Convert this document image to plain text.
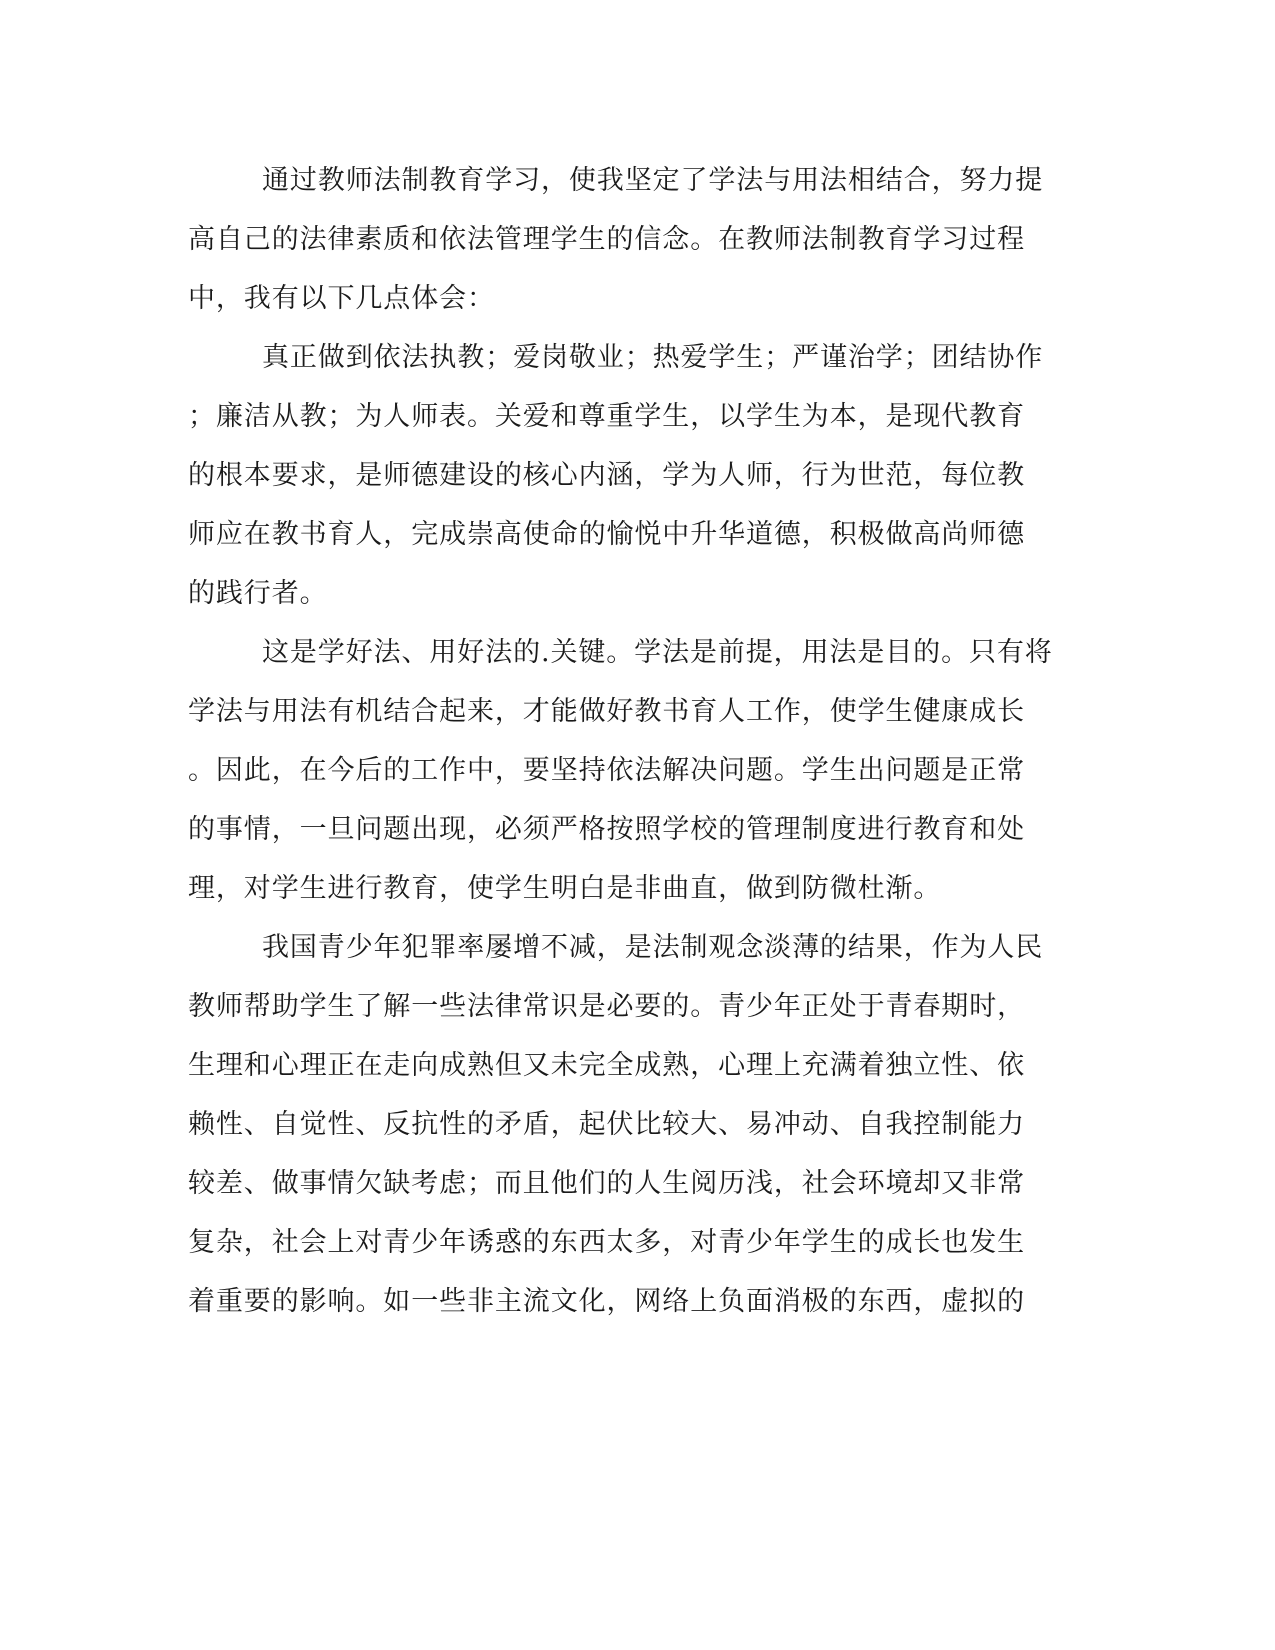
通过教师法制教育学习，使我坚定了学法与用法相结合，努力提

高自己的法律素质和依法管理学生的信念。在教师法制教育学习过程

中，我有以下几点体会：

真正做到依法执教；爱岗敬业；热爱学生；严谨治学；团结协作

；廉洁从教；为人师表。关爱和尊重学生，以学生为本，是现代教育

的根本要求，是师德建设的核心内涵，学为人师，行为世范，每位教

师应在教书育人，完成崇高使命的愉悦中升华道德，积极做高尚师德

的践行者。

这是学好法、用好法的.关键。学法是前提，用法是目的。只有将

学法与用法有机结合起来，才能做好教书育人工作，使学生健康成长

。因此，在今后的工作中，要坚持依法解决问题。学生出问题是正常

的事情，一旦问题出现，必须严格按照学校的管理制度进行教育和处

理，对学生进行教育，使学生明白是非曲直，做到防微杜渐。

我国青少年犯罪率屡增不减，是法制观念淡薄的结果，作为人民

教师帮助学生了解一些法律常识是必要的。青少年正处于青春期时，

生理和心理正在走向成熟但又未完全成熟，心理上充满着独立性、依

赖性、自觉性、反抗性的矛盾，起伏比较大、易冲动、自我控制能力

较差、做事情欠缺考虑；而且他们的人生阅历浅，社会环境却又非常

复杂，社会上对青少年诱惑的东西太多，对青少年学生的成长也发生

着重要的影响。如一些非主流文化，网络上负面消极的东西，虚拟的
